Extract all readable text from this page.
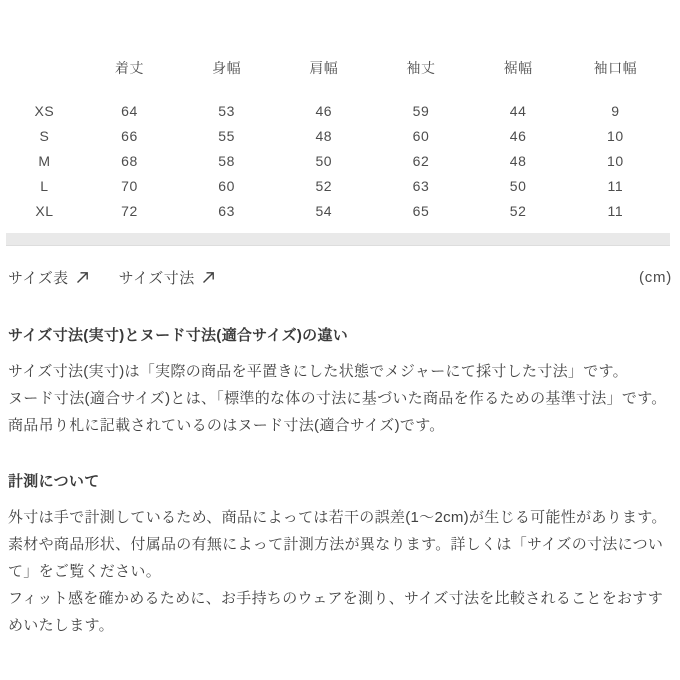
	着丈	身幅	肩幅	袖丈	裾幅	袖口幅
XS	64	53	46	59	44	9
S	66	55	48	60	46	10
M	68	58	50	62	48	10
L	70	60	52	63	50	11
XL	72	63	54	65	52	11
サイズ表	サイズ寸法	(cm)
サイズ寸法(実寸)とヌード寸法(適合サイズ)の違い

サイズ寸法(実寸)は「実際の商品を平置きにした状態でメジャーにて採寸した寸法」です。

ヌード寸法(適合サイズ)とは、「標準的な体の寸法に基づいた商品を作るための基準寸法」です。

商品吊り札に記載されているのはヌード寸法(適合サイズ)です。

計測について

外寸は手で計測しているため、商品によっては若干の誤差(1～2cm)が生じる可能性があります。

素材や商品形状、付属品の有無によって計測方法が異なります。詳しくは「サイズの寸法について」をご覧ください。

フィット感を確かめるために、お手持ちのウェアを測り、サイズ寸法を比較されることをおすすめいたします。
